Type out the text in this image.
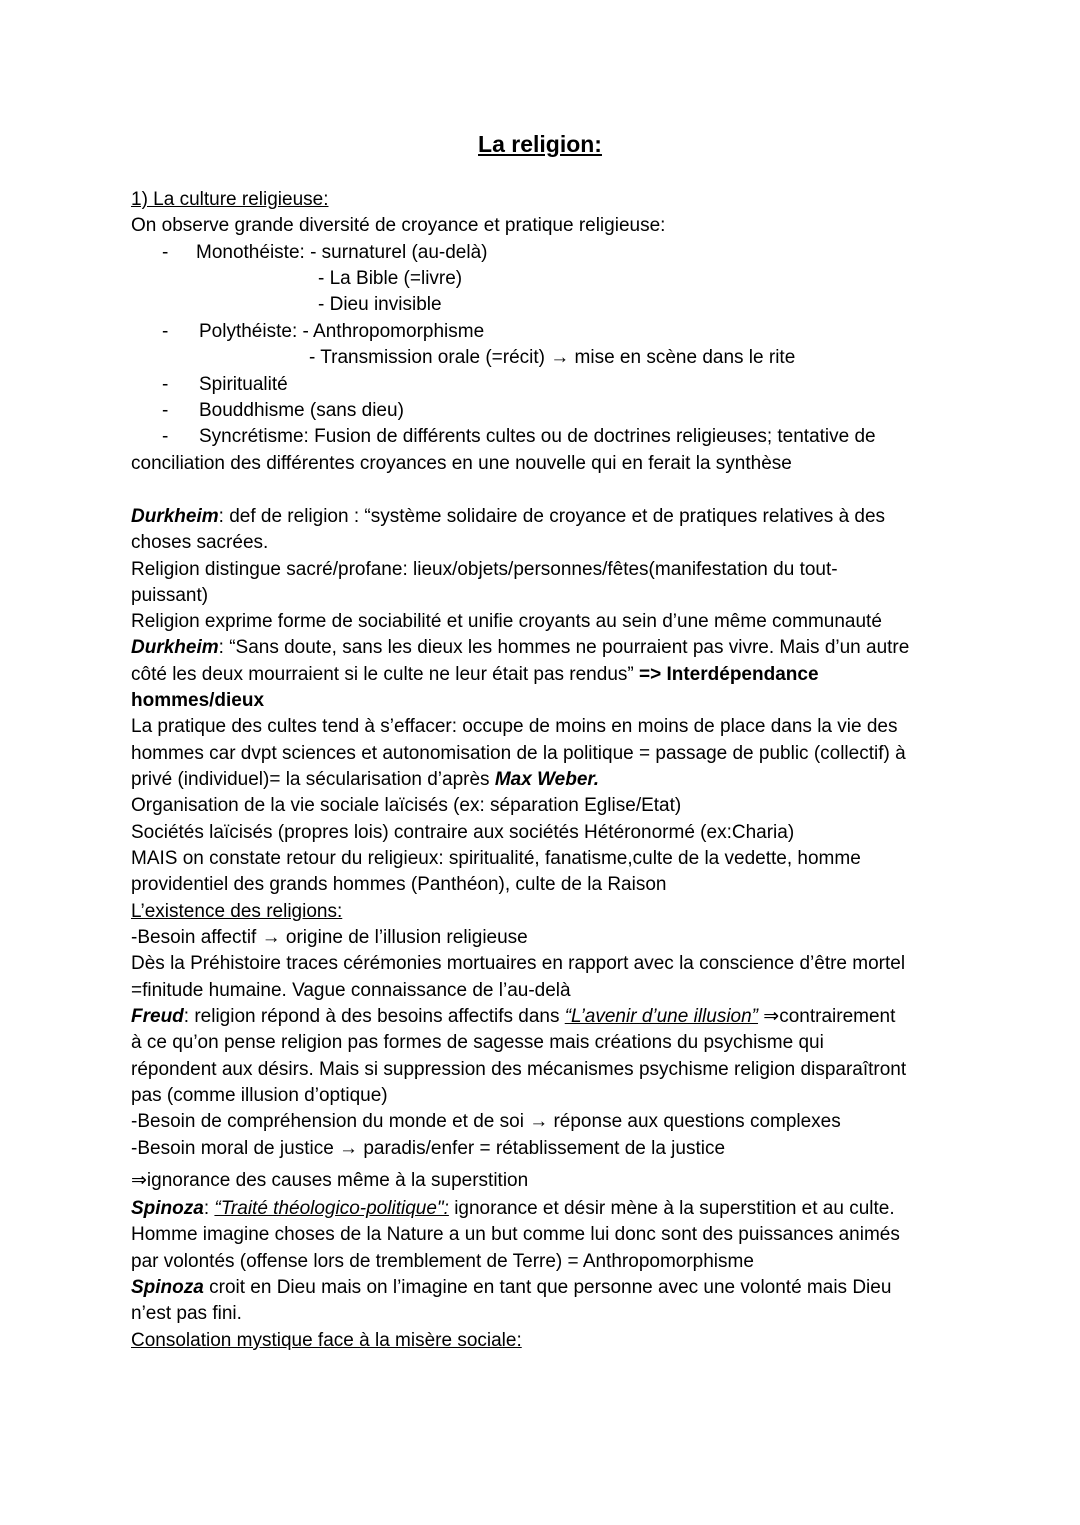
La religion:
1) La culture religieuse:
On observe grande diversité de croyance et pratique religieuse:
- Monothéiste: - surnaturel (au-delà)
- La Bible (=livre)
- Dieu invisible
- Polythéiste: - Anthropomorphisme
- Transmission orale (=récit) → mise en scène dans le rite
- Spiritualité
- Bouddhisme (sans dieu)
- Syncrétisme: Fusion de différents cultes ou de doctrines religieuses; tentative de
conciliation des différentes croyances en une nouvelle qui en ferait la synthèse
Durkheim: def de religion : “système solidaire de croyance et de pratiques relatives à des
choses sacrées.
Religion distingue sacré/profane: lieux/objets/personnes/fêtes(manifestation du tout-
puissant)
Religion exprime forme de sociabilité et unifie croyants au sein d’une même communauté
Durkheim: “Sans doute, sans les dieux les hommes ne pourraient pas vivre. Mais d’un autre
côté les deux mourraient si le culte ne leur était pas rendus” => Interdépendance
hommes/dieux
La pratique des cultes tend à s’effacer: occupe de moins en moins de place dans la vie des
hommes car dvpt sciences et autonomisation de la politique = passage de public (collectif) à
privé (individuel)= la sécularisation d’après Max Weber.
Organisation de la vie sociale laïcisés (ex: séparation Eglise/Etat)
Sociétés laïcisés (propres lois) contraire aux sociétés Hétéronormé (ex:Charia)
MAIS on constate retour du religieux: spiritualité, fanatisme,culte de la vedette, homme
providentiel des grands hommes (Panthéon), culte de la Raison
L’existence des religions:
-Besoin affectif → origine de l’illusion religieuse
Dès la Préhistoire traces cérémonies mortuaires en rapport avec la conscience d’être mortel
=finitude humaine. Vague connaissance de l’au-delà
Freud: religion répond à des besoins affectifs dans “L’avenir d’une illusion” ⇒contrairement
à ce qu’on pense religion pas formes de sagesse mais créations du psychisme qui
répondent aux désirs. Mais si suppression des mécanismes psychisme religion disparaîtront
pas (comme illusion d’optique)
-Besoin de compréhension du monde et de soi → réponse aux questions complexes
-Besoin moral de justice → paradis/enfer = rétablissement de la justice
⇒ignorance des causes même à la superstition
Spinoza: “Traité théologico-politique": ignorance et désir mène à la superstition et au culte.
Homme imagine choses de la Nature a un but comme lui donc sont des puissances animés
par volontés (offense lors de tremblement de Terre) = Anthropomorphisme
Spinoza croit en Dieu mais on l’imagine en tant que personne avec une volonté mais Dieu
n’est pas fini.
Consolation mystique face à la misère sociale:
